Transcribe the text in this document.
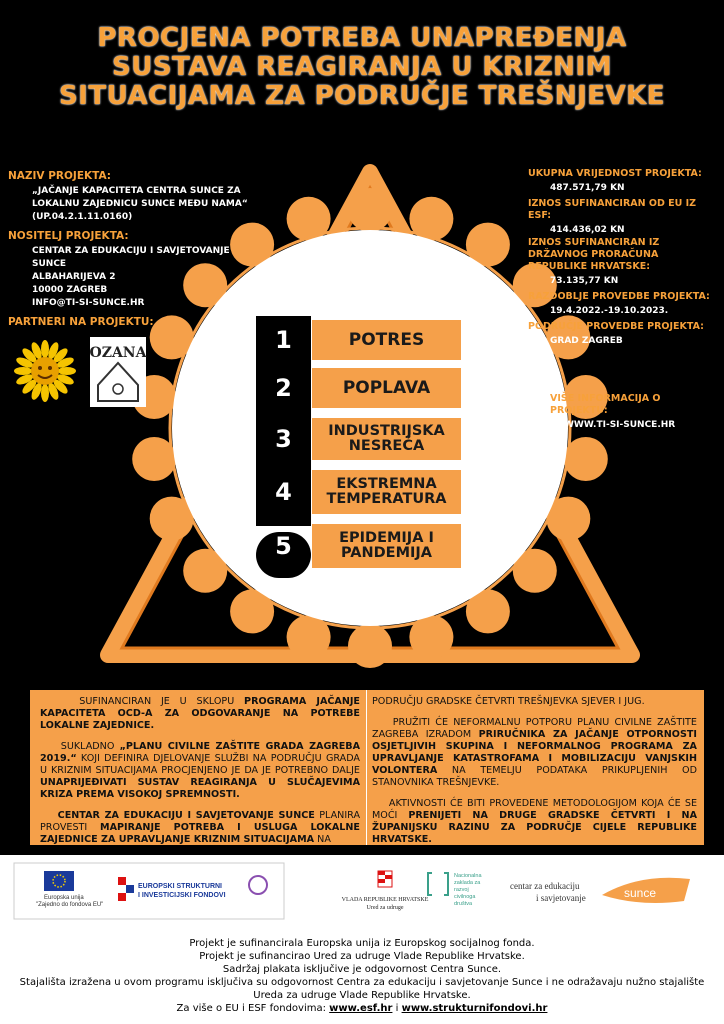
PROCJENA POTREBA UNAPREĐENJA SUSTAVA REAGIRANJA U KRIZNIM SITUACIJAMA ZA PODRUČJE TREŠNJEVKE
1	POTRES
2	POPLAVA
3	INDUSTRIJSKA
NESREĆA
4	EKSTREMNA
TEMPERATURA
5	EPIDEMIJA I
PANDEMIJA
NAZIV PROJEKTA:
„JAČANJE KAPACITETA CENTRA SUNCE ZA LOKALNU ZAJEDNICU SUNCE MEĐU NAMA“ (UP.04.2.1.11.0160)
NOSITELJ PROJEKTA:
CENTAR ZA EDUKACIJU I SAVJETOVANJE
SUNCE
ALBAHARIJEVA 2
10000 ZAGREB
INFO@TI-SI-SUNCE.HR
PARTNERI NA PROJEKTU:
OZANA
UKUPNA VRIJEDNOST PROJEKTA:
487.571,79 KN
IZNOS SUFINANCIRAN OD EU IZ ESF:
414.436,02 KN
IZNOS SUFINANCIRAN IZ DRŽAVNOG PRORAČUNA REPUBLIKE HRVATSKE:
73.135,77 KN
RAZDOBLJE PROVEDBE PROJEKTA:
19.4.2022.-19.10.2023.
PODRUČJE PROVEDBE PROJEKTA:
GRAD ZAGREB
VIŠE INFORMACIJA O PROJEKTU:
WWW.TI-SI-SUNCE.HR

SUFINANCIRAN JE U SKLOPU PROGRAMA JAČANJE KAPACITETA OCD-A ZA ODGOVARANJE NA POTREBE LOKALNE ZAJEDNICE.

SUKLADNO „PLANU CIVILNE ZAŠTITE GRADA ZAGREBA 2019.“ KOJI DEFINIRA DJELOVANJE SLUŽBI NA PODRUČJU GRADA U KRIZNIM SITUACIJAMA PROCJENJENO JE DA JE POTREBNO DALJE UNAPRIJEĐIVATI SUSTAV REAGIRANJA U SLUČAJEVIMA KRIZA PREMA VISOKOJ SPREMNOSTI.

CENTAR ZA EDUKACIJU I SAVJETOVANJE SUNCE PLANIRA PROVESTI MAPIRANJE POTREBA I USLUGA LOKALNE ZAJEDNICE ZA UPRAVLJANJE KRIZNIM SITUACIJAMA NA

PODRUČJU GRADSKE ČETVRTI TREŠNJEVKA SJEVER I JUG.

PRUŽITI ĆE NEFORMALNU POTPORU PLANU CIVILNE ZAŠTITE ZAGREBA IZRADOM PRIRUČNIKA ZA JAČANJE OTPORNOSTI OSJETLJIVIH SKUPINA I NEFORMALNOG PROGRAMA ZA UPRAVLJANJE KATASTROFAMA I MOBILIZACIJU VANJSKIH VOLONTERA NA TEMELJU PODATAKA PRIKUPLJENIH OD STANOVNIKA TREŠNJEVKE.

AKTIVNOSTI ĆE BITI PROVEDENE METODOLOGIJOM KOJA ĆE SE MOĆI PRENIJETI NA DRUGE GRADSKE ČETVRTI I NA ŽUPANIJSKU RAZINU ZA PODRUČJE CIJELE REPUBLIKE HRVATSKE.

Europska unija
"Zajedno do fondova EU"
EUROPSKI STRUKTURNI
I INVESTICIJSKI FONDOVI
VLADA REPUBLIKE HRVATSKE
Ured za udruge
Nacionalna
zaklada za
razvoj
civilnoga
društva
centar za edukaciju
i savjetovanje	sunce
Projekt je sufinancirala Europska unija iz Europskog socijalnog fonda.
Projekt je sufinancirao Ured za udruge Vlade Republike Hrvatske.
Sadržaj plakata isključive je odgovornost Centra Sunce.
Stajališta izražena u ovom programu isključiva su odgovornost Centra za edukaciju i savjetovanje Sunce i ne odražavaju nužno stajalište Ureda za udruge Vlade Republike Hrvatske.
Za više o EU i ESF fondovima: www.esf.hr i www.strukturnifondovi.hr
